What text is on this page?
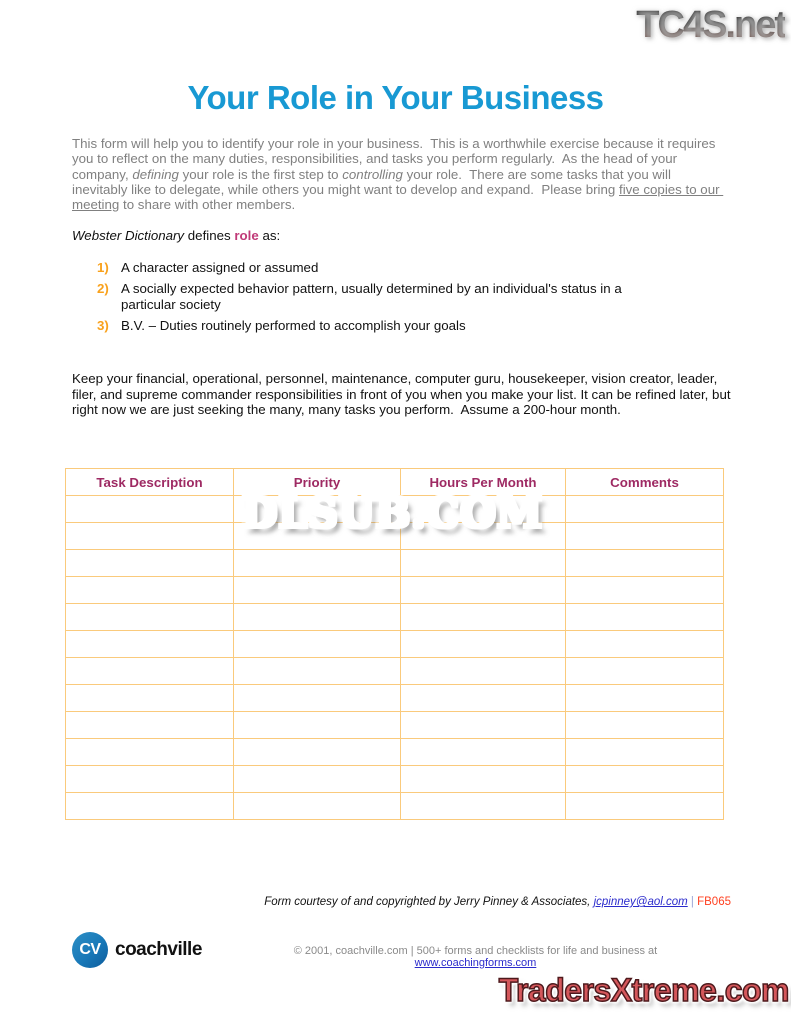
TC4S.net
Your Role in Your Business

This form will help you to identify your role in your business.  This is a worthwhile exercise because it requires you to reflect on the many duties, responsibilities, and tasks you perform regularly.  As the head of your company, defining your role is the first step to controlling your role.  There are some tasks that you will inevitably like to delegate, while others you might want to develop and expand.  Please bring five copies to our meeting to share with other members.

Webster Dictionary defines role as:

1) A character assigned or assumed
2) A socially expected behavior pattern, usually determined by an individual's status in a particular society
3) B.V. – Duties routinely performed to accomplish your goals

Keep your financial, operational, personnel, maintenance, computer guru, housekeeper, vision creator, leader, filer, and supreme commander responsibilities in front of you when you make your list. It can be refined later, but right now we are just seeking the many, many tasks you perform.  Assume a 200-hour month.

Task Description	Priority	Hours Per Month	Comments

DLSUB.COM

Form courtesy of and copyrighted by Jerry Pinney & Associates, jcpinney@aol.com | FB065

CV coachville	© 2001, coachville.com | 500+ forms and checklists for life and business at www.coachingforms.com

TradersXtreme.com
